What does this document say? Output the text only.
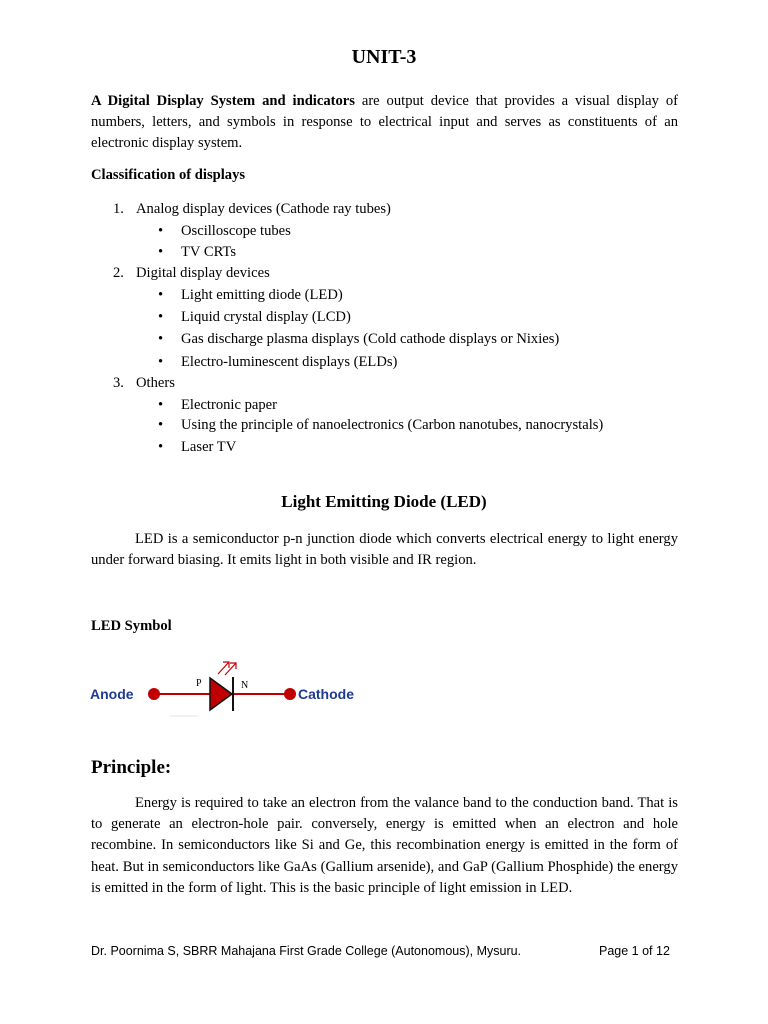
UNIT-3
A Digital Display System and indicators are output device that provides a visual display of numbers, letters, and symbols in response to electrical input and serves as constituents of an electronic display system.
Classification of displays
1. Analog display devices (Cathode ray tubes)
• Oscilloscope tubes
• TV CRTs
2. Digital display devices
• Light emitting diode (LED)
• Liquid crystal display (LCD)
• Gas discharge plasma displays (Cold cathode displays or Nixies)
• Electro-luminescent displays (ELDs)
3. Others
• Electronic paper
• Using the principle of nanoelectronics (Carbon nanotubes, nanocrystals)
• Laser TV
Light Emitting Diode (LED)
LED is a semiconductor p-n junction diode which converts electrical energy to light energy under forward biasing. It emits light in both visible and IR region.
LED Symbol
Anode
P	N
Cathode
Principle:
Energy is required to take an electron from the valance band to the conduction band. That is to generate an electron-hole pair. conversely, energy is emitted when an electron and hole recombine. In semiconductors like Si and Ge, this recombination energy is emitted in the form of heat. But in semiconductors like GaAs (Gallium arsenide), and GaP (Gallium Phosphide) the energy is emitted in the form of light. This is the basic principle of light emission in LED.
Dr. Poornima S, SBRR Mahajana First Grade College (Autonomous), Mysuru.	Page 1 of 12
